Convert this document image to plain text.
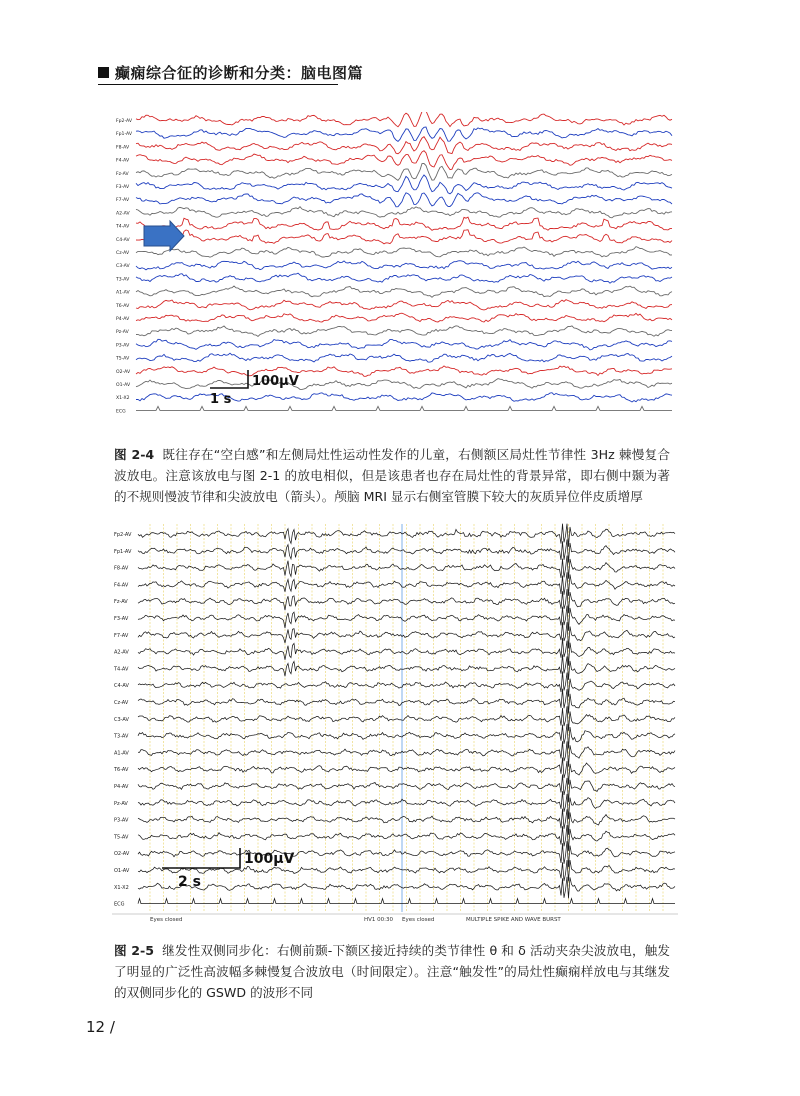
癫痫综合征的诊断和分类：脑电图篇
Fp2-AV
Fp1-AV
F8-AV
F4-AV
Fz-AV
F3-AV
F7-AV
A2-AV
T4-AV
C4-AV
Cz-AV
C3-AV
T3-AV
A1-AV
T6-AV
P4-AV
Pz-AV
P3-AV
T5-AV
O2-AV
O1-AV
X1-X2
ECG
100μV
1 s
图 2-4 既往存在“空白感”和左侧局灶性运动性发作的儿童，右侧额区局灶性节律性 3Hz 棘慢复合波放电。注意该放电与图 2-1 的放电相似，但是该患者也存在局灶性的背景异常，即右侧中颞为著的不规则慢波节律和尖波放电（箭头）。颅脑 MRI 显示右侧室管膜下较大的灰质异位伴皮质增厚
Fp2-AV
Fp1-AV
F8-AV
F4-AV
Fz-AV
F3-AV
F7-AV
A2-AV
T4-AV
C4-AV
Cz-AV
C3-AV
T3-AV
A1-AV
T6-AV
P4-AV
Pz-AV
P3-AV
T5-AV
O2-AV
O1-AV
X1-X2
ECG
100μV
2 s
Eyes closed	HV1 00:30 Eyes closed	MULTIPLE SPIKE AND WAVE BURST
图 2-5 继发性双侧同步化：右侧前颞-下额区接近持续的类节律性 θ 和 δ 活动夹杂尖波放电，触发了明显的广泛性高波幅多棘慢复合波放电（时间限定）。注意“触发性”的局灶性癫痫样放电与其继发的双侧同步化的 GSWD 的波形不同
12 /
